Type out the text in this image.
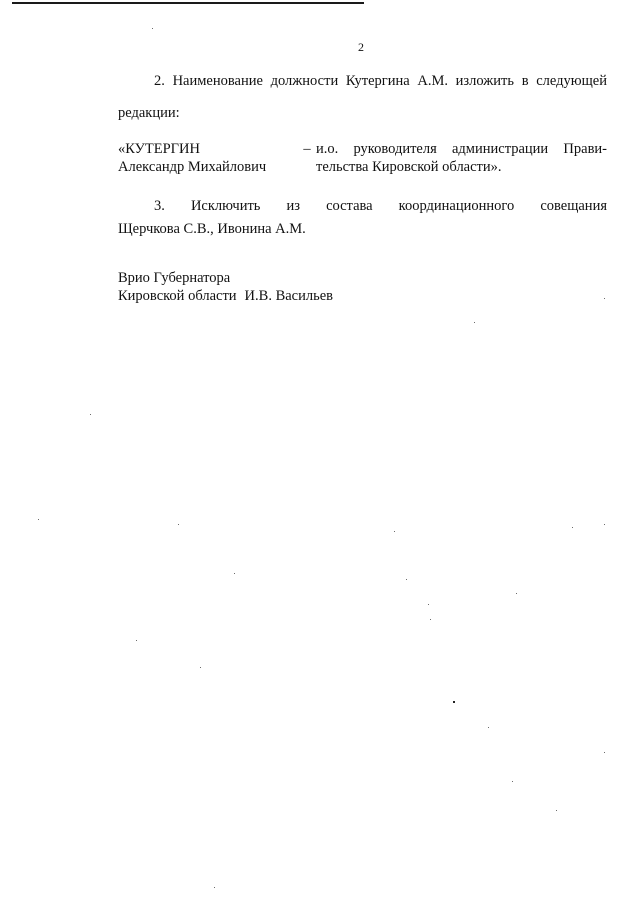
2
2. Наименование должности Кутергина А.М. изложить в следующей
редакции:
«КУТЕРГИН
Александр Михайлович
– и.о. руководителя администрации Прави-
тельства Кировской области».
3. Исключить из состава координационного совещания
Щерчкова С.В., Ивонина А.М.
Врио Губернатора
Кировской области И.В. Васильев
